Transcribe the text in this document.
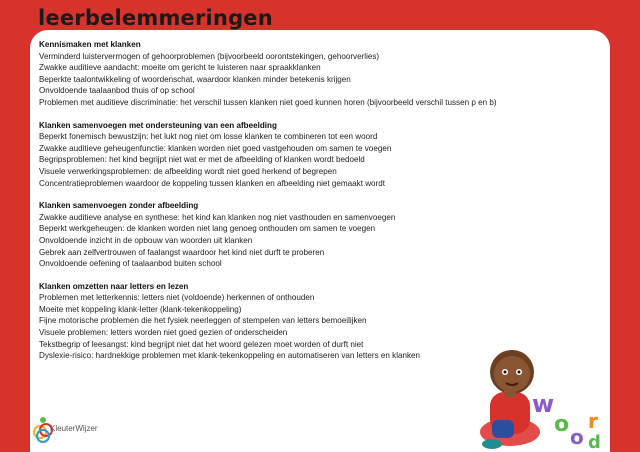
leerbelemmeringen
Kennismaken met klanken
Verminderd luistervermogen of gehoorproblemen (bijvoorbeeld oorontstekingen, gehoorverlies)
Zwakke auditieve aandacht: moeite om gericht te luisteren naar spraakklanken
Beperkte taalontwikkeling of woordenschat, waardoor klanken minder betekenis krijgen
Onvoldoende taalaanbod thuis of op school
Problemen met auditieve discriminatie: het verschil tussen klanken niet goed kunnen horen (bijvoorbeeld verschil tussen p en b)
Klanken samenvoegen met ondersteuning van een afbeelding
Beperkt fonemisch bewustzijn: het lukt nog niet om losse klanken te combineren tot een woord
Zwakke auditieve geheugenfunctie: klanken worden niet goed vastgehouden om samen te voegen
Begripsproblemen: het kind begrijpt niet wat er met de afbeelding of klanken wordt bedoeld
Visuele verwerkingsproblemen: de afbeelding wordt niet goed herkend of begrepen
Concentratieproblemen waardoor de koppeling tussen klanken en afbeelding niet gemaakt wordt
Klanken samenvoegen zonder afbeelding
Zwakke auditieve analyse en synthese: het kind kan klanken nog niet vasthouden en samenvoegen
Beperkt werkgeheugen: de klanken worden niet lang genoeg onthouden om samen te voegen
Onvoldoende inzicht in de opbouw van woorden uit klanken
Gebrek aan zelfvertrouwen of faalangst waardoor het kind niet durft te proberen
Onvoldoende oefening of taalaanbod buiten school
Klanken omzetten naar letters en lezen
Problemen met letterkennis: letters niet (voldoende) herkennen of onthouden
Moeite met koppeling klank-letter (klank-tekenkoppeling)
Fijne motorische problemen die het fysiek neerleggen of stempelen van letters bemoeilijken
Visuele problemen: letters worden niet goed gezien of onderscheiden
Tekstbegrip of leesangst: kind begrijpt niet dat het woord gelezen moet worden of durft niet
Dyslexie-risico: hardnekkige problemen met klank-tekenkoppeling en automatiseren van letters en klanken
KleuterWijzer
w
o o
r
d
